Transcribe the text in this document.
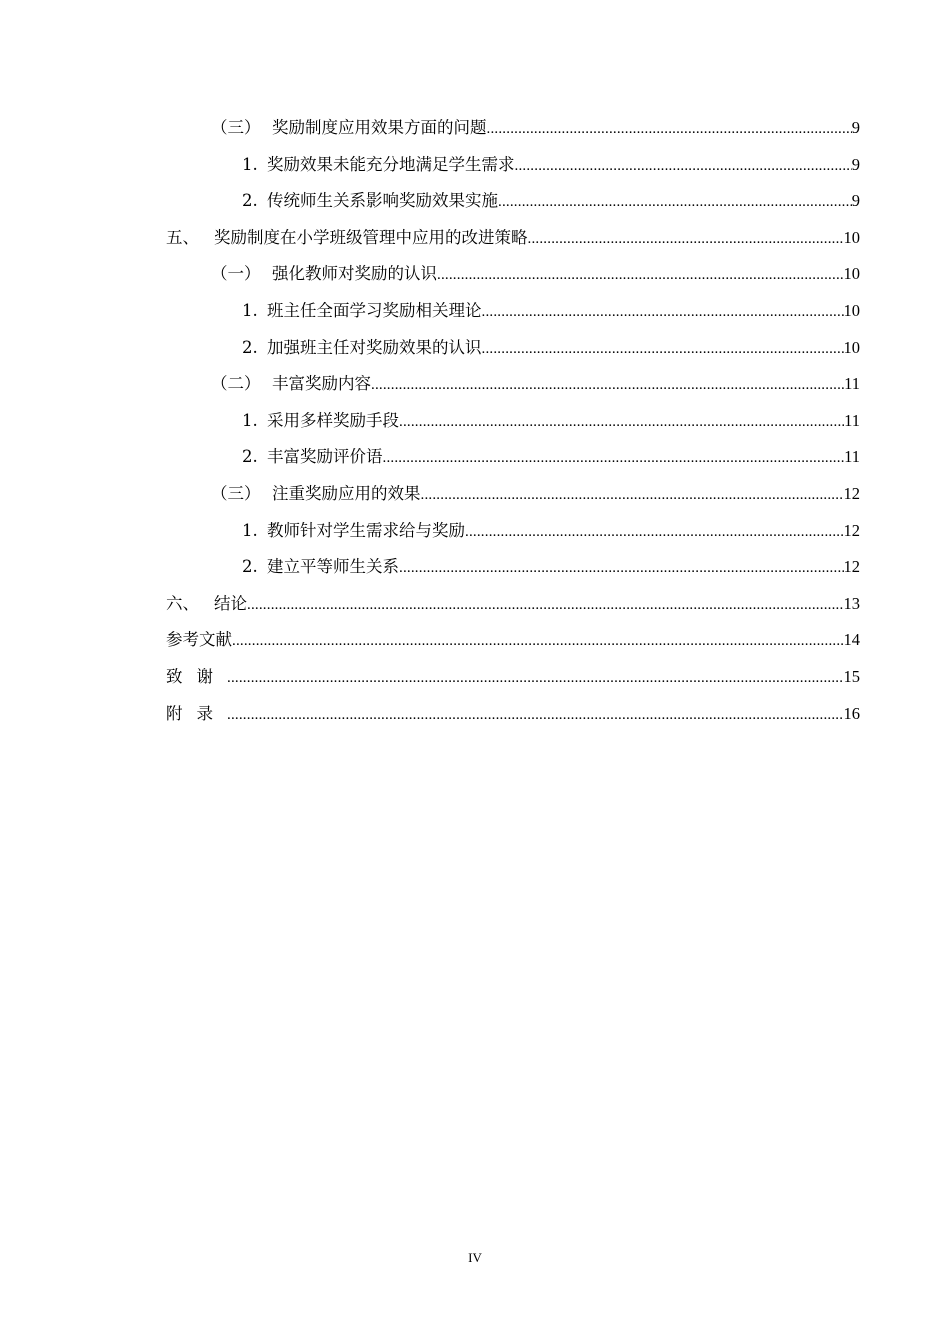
（三） 奖励制度应用效果方面的问题 .....	9
1. 奖励效果未能充分地满足学生需求 .....	9
2. 传统师生关系影响奖励效果实施 .....	9
五、 奖励制度在小学班级管理中应用的改进策略 .....	10
（一） 强化教师对奖励的认识 .....	10
1. 班主任全面学习奖励相关理论 .....	10
2. 加强班主任对奖励效果的认识 .....	10
（二） 丰富奖励内容 .....	11
1. 采用多样奖励手段 .....	11
2. 丰富奖励评价语 .....	11
（三） 注重奖励应用的效果 .....	12
1. 教师针对学生需求给与奖励 .....	12
2. 建立平等师生关系 .....	12
六、 结论 .....	13
参考文献 .....	14
致谢 .....	15
附录 .....	16
IV
